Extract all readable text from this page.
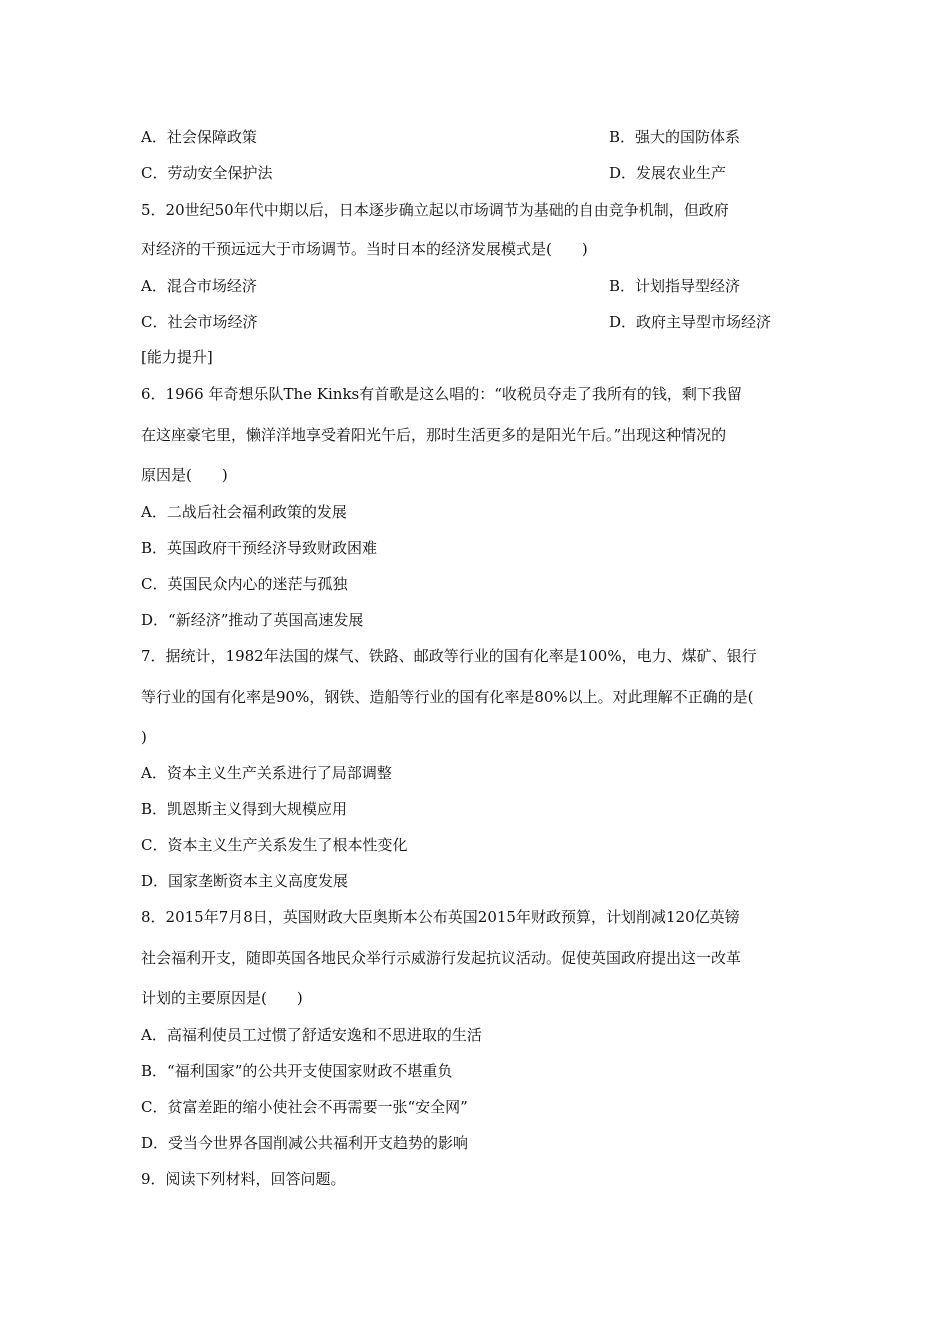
A．社会保障政策	B．强大的国防体系
C．劳动安全保护法	D．发展农业生产
5．20世纪50年代中期以后，日本逐步确立起以市场调节为基础的自由竞争机制，但政府
对经济的干预远远大于市场调节。当时日本的经济发展模式是(　　)
A．混合市场经济	B．计划指导型经济
C．社会市场经济	D．政府主导型市场经济
[能力提升]
6．1966 年奇想乐队The Kinks有首歌是这么唱的：“收税员夺走了我所有的钱，剩下我留
在这座豪宅里，懒洋洋地享受着阳光午后，那时生活更多的是阳光午后。”出现这种情况的
原因是(　　)
A．二战后社会福利政策的发展
B．英国政府干预经济导致财政困难
C．英国民众内心的迷茫与孤独
D．“新经济”推动了英国高速发展
7．据统计，1982年法国的煤气、铁路、邮政等行业的国有化率是100%，电力、煤矿、银行
等行业的国有化率是90%，钢铁、造船等行业的国有化率是80%以上。对此理解不正确的是(
)
A．资本主义生产关系进行了局部调整
B．凯恩斯主义得到大规模应用
C．资本主义生产关系发生了根本性变化
D．国家垄断资本主义高度发展
8．2015年7月8日，英国财政大臣奥斯本公布英国2015年财政预算，计划削减120亿英镑
社会福利开支，随即英国各地民众举行示威游行发起抗议活动。促使英国政府提出这一改革
计划的主要原因是(　　)
A．高福利使员工过惯了舒适安逸和不思进取的生活
B．“福利国家”的公共开支使国家财政不堪重负
C．贫富差距的缩小使社会不再需要一张“安全网”
D．受当今世界各国削减公共福利开支趋势的影响
9．阅读下列材料，回答问题。
